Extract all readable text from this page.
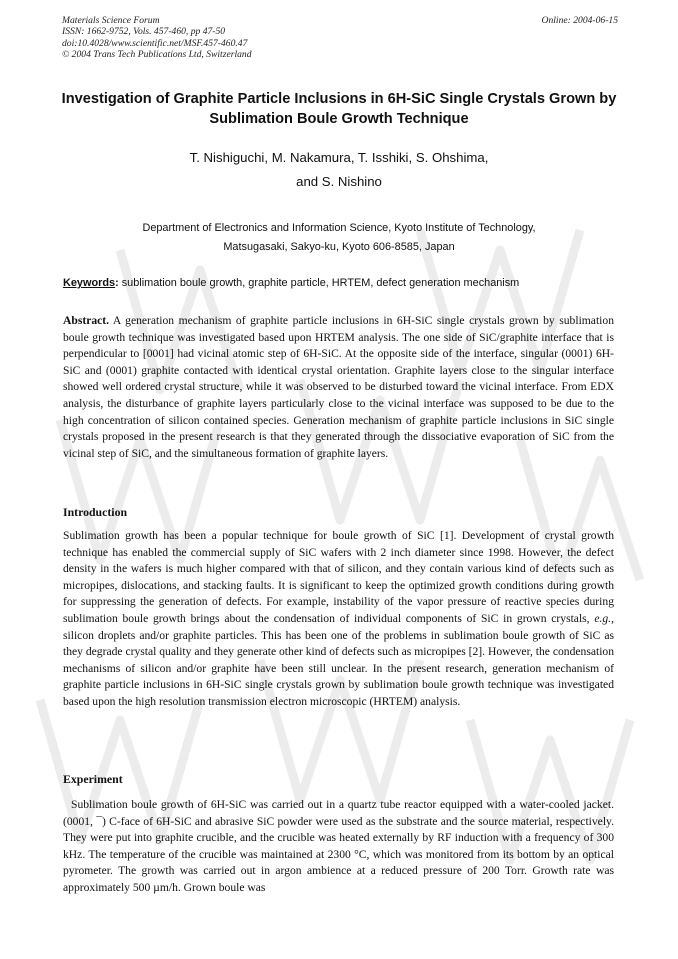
Materials Science Forum
ISSN: 1662-9752, Vols. 457-460, pp 47-50
doi:10.4028/www.scientific.net/MSF.457-460.47
© 2004 Trans Tech Publications Ltd, Switzerland
Online: 2004-06-15
Investigation of Graphite Particle Inclusions in 6H-SiC Single Crystals Grown by Sublimation Boule Growth Technique
T. Nishiguchi, M. Nakamura, T. Isshiki, S. Ohshima,
and S. Nishino
Department of Electronics and Information Science, Kyoto Institute of Technology,
Matsugasaki, Sakyo-ku, Kyoto 606-8585, Japan
Keywords: sublimation boule growth, graphite particle, HRTEM, defect generation mechanism
Abstract. A generation mechanism of graphite particle inclusions in 6H-SiC single crystals grown by sublimation boule growth technique was investigated based upon HRTEM analysis. The one side of SiC/graphite interface that is perpendicular to [0001] had vicinal atomic step of 6H-SiC. At the opposite side of the interface, singular (0001) 6H-SiC and (0001) graphite contacted with identical crystal orientation. Graphite layers close to the singular interface showed well ordered crystal structure, while it was observed to be disturbed toward the vicinal interface. From EDX analysis, the disturbance of graphite layers particularly close to the vicinal interface was supposed to be due to the high concentration of silicon contained species. Generation mechanism of graphite particle inclusions in SiC single crystals proposed in the present research is that they generated through the dissociative evaporation of SiC from the vicinal step of SiC, and the simultaneous formation of graphite layers.
Introduction
Sublimation growth has been a popular technique for boule growth of SiC [1]. Development of crystal growth technique has enabled the commercial supply of SiC wafers with 2 inch diameter since 1998. However, the defect density in the wafers is much higher compared with that of silicon, and they contain various kind of defects such as micropipes, dislocations, and stacking faults. It is significant to keep the optimized growth conditions during growth for suppressing the generation of defects. For example, instability of the vapor pressure of reactive species during sublimation boule growth brings about the condensation of individual components of SiC in grown crystals, e.g., silicon droplets and/or graphite particles. This has been one of the problems in sublimation boule growth of SiC as they degrade crystal quality and they generate other kind of defects such as micropipes [2]. However, the condensation mechanisms of silicon and/or graphite have been still unclear. In the present research, generation mechanism of graphite particle inclusions in 6H-SiC single crystals grown by sublimation boule growth technique was investigated based upon the high resolution transmission electron microscopic (HRTEM) analysis.
Experiment
Sublimation boule growth of 6H-SiC was carried out in a quartz tube reactor equipped with a water-cooled jacket. (0001, ¯) C-face of 6H-SiC and abrasive SiC powder were used as the substrate and the source material, respectively. They were put into graphite crucible, and the crucible was heated externally by RF induction with a frequency of 300 kHz. The temperature of the crucible was maintained at 2300 °C, which was monitored from its bottom by an optical pyrometer. The growth was carried out in argon ambience at a reduced pressure of 200 Torr. Growth rate was approximately 500 µm/h. Grown boule was
